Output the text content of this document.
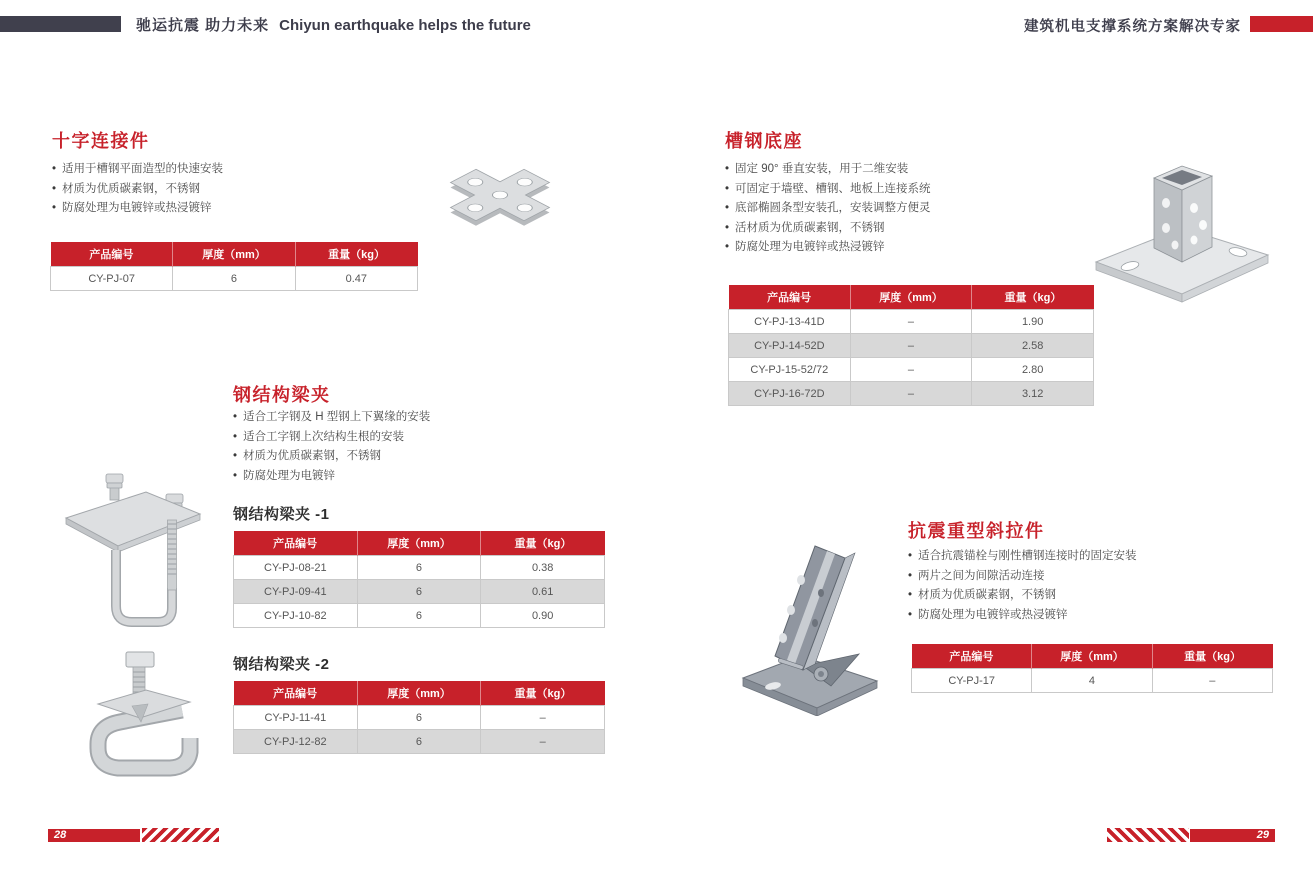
驰运抗震 助力未来 Chiyun earthquake helps the future	建筑机电支撑系统方案解决专家
十字连接件
• 适用于槽钢平面造型的快速安装
• 材质为优质碳素钢，不锈钢
• 防腐处理为电镀锌或热浸镀锌
产品编号	厚度（mm）	重量（kg）
CY-PJ-07	6	0.47
钢结构梁夹
• 适合工字钢及 H 型钢上下翼缘的安装
• 适合工字钢上次结构生根的安装
• 材质为优质碳素钢，不锈钢
• 防腐处理为电镀锌
钢结构梁夹 -1
产品编号	厚度（mm）	重量（kg）
CY-PJ-08-21	6	0.38
CY-PJ-09-41	6	0.61
CY-PJ-10-82	6	0.90
钢结构梁夹 -2
产品编号	厚度（mm）	重量（kg）
CY-PJ-11-41	6	–
CY-PJ-12-82	6	–
槽钢底座
• 固定 90° 垂直安装，用于二维安装
• 可固定于墙壁、槽钢、地板上连接系统
• 底部椭圆条型安装孔，安装调整方便灵
• 活材质为优质碳素钢，不锈钢
• 防腐处理为电镀锌或热浸镀锌
产品编号	厚度（mm）	重量（kg）
CY-PJ-13-41D	–	1.90
CY-PJ-14-52D	–	2.58
CY-PJ-15-52/72	–	2.80
CY-PJ-16-72D	–	3.12
抗震重型斜拉件
• 适合抗震锚栓与刚性槽钢连接时的固定安装
• 两片之间为间隙活动连接
• 材质为优质碳素钢，不锈钢
• 防腐处理为电镀锌或热浸镀锌
产品编号	厚度（mm）	重量（kg）
CY-PJ-17	4	–
28	29
